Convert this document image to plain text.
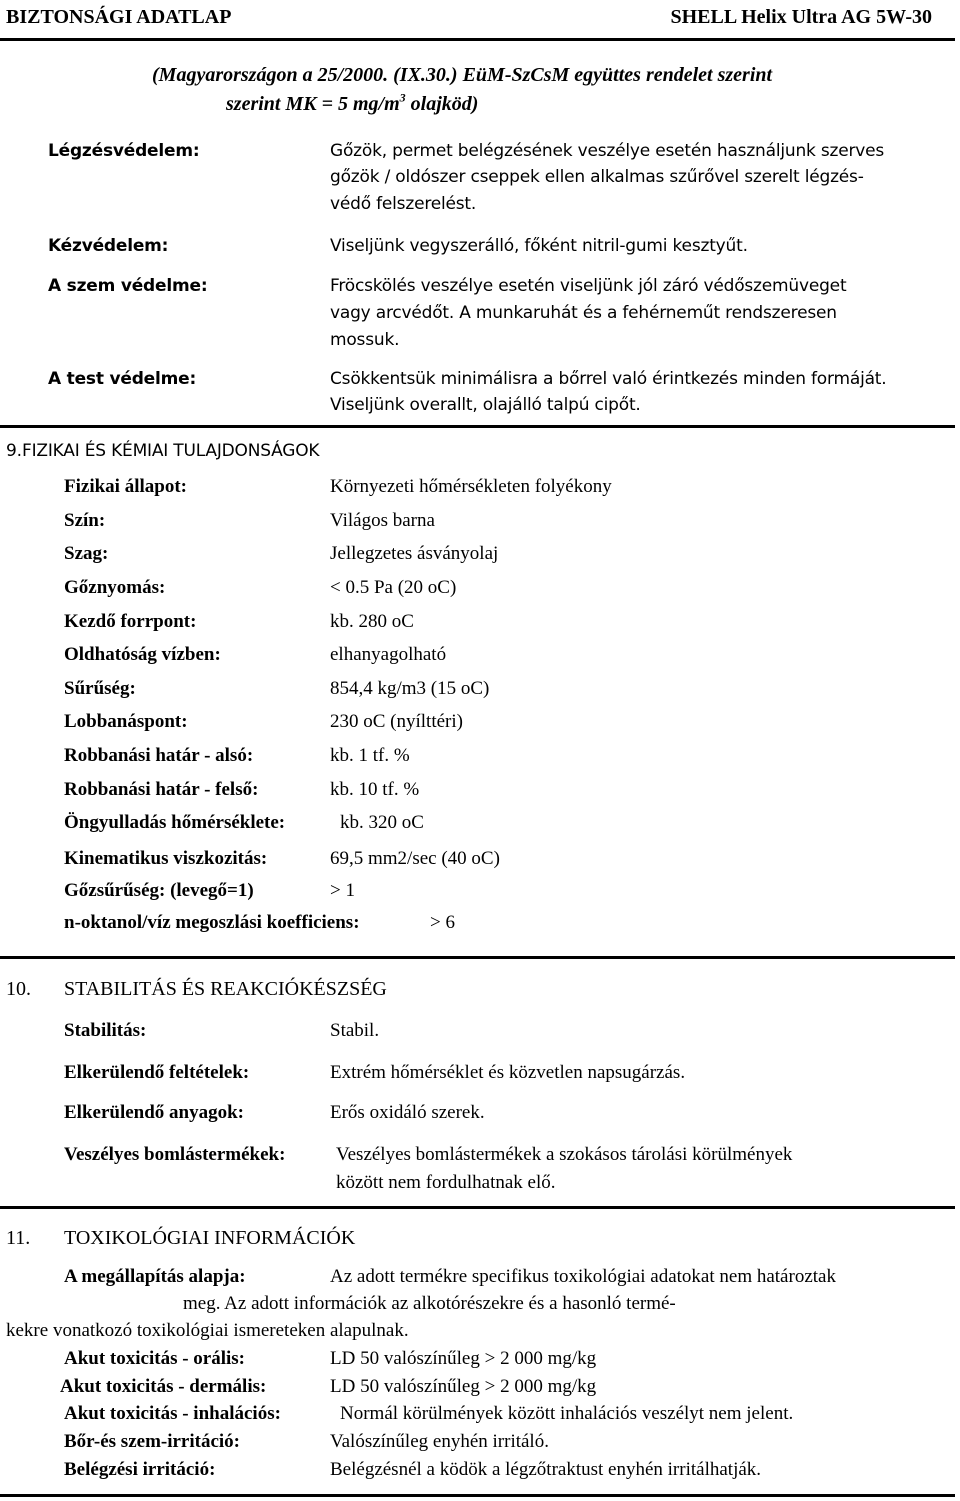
BIZTONSÁGI ADATLAP	SHELL Helix Ultra AG 5W-30
(Magyarországon a 25/2000. (IX.30.) EüM-SzCsM együttes rendelet szerint
szerint MK = 5 $mg/m^3$ olajköd)
Légzésvédelem:	Gőzök, permet belégzésének veszélye esetén használjunk szerves
gőzök / oldószer cseppek ellen alkalmas szűrővel szerelt légzés-
védő felszerelést.
Kézvédelem:	Viseljünk vegyszerálló, főként nitril-gumi kesztyűt.
A szem védelme:	Fröcskölés veszélye esetén viseljünk jól záró védőszemüveget
vagy arcvédőt. A munkaruhát és a fehérneműt rendszeresen
mossuk.
A test védelme:	Csökkentsük minimálisra a bőrrel való érintkezés minden formáját.
Viseljünk overallt, olajálló talpú cipőt.
9. FIZIKAI ÉS KÉMIAI TULAJDONSÁGOK
Fizikai állapot:	Környezeti hőmérsékleten folyékony
Szín:	Világos barna
Szag:	Jellegzetes ásványolaj
Gőznyomás:	< 0.5 Pa (20 oC)
Kezdő forrpont:	kb. 280 oC
Oldhatóság vízben:	elhanyagolható
Sűrűség:	854,4 kg/m3 (15 oC)
Lobbanáspont:	230 oC (nyílttéri)
Robbanási határ - alsó:	kb. 1 tf. %
Robbanási határ - felső:	kb. 10 tf. %
Öngyulladás hőmérséklete:	kb. 320 oC
Kinematikus viszkozitás:	69,5 mm2/sec (40 oC)
Gőzsűrűség: (levegő=1)	> 1
n-oktanol/víz megoszlási koefficiens:	> 6
10. STABILITÁS ÉS REAKCIÓKÉSZSÉG
Stabilitás:	Stabil.
Elkerülendő feltételek:	Extrém hőmérséklet és közvetlen napsugárzás.
Elkerülendő anyagok:	Erős oxidáló szerek.
Veszélyes bomlástermékek:	Veszélyes bomlástermékek a szokásos tárolási körülmények
között nem fordulhatnak elő.
11. TOXIKOLÓGIAI INFORMÁCIÓK
A megállapítás alapja:	Az adott termékre specifikus toxikológiai adatokat nem határoztak
meg. Az adott információk az alkotórészekre és a hasonló termé-
kekre vonatkozó toxikológiai ismereteken alapulnak.
Akut toxicitás - orális:	LD 50 valószínűleg > 2 000 mg/kg
Akut toxicitás - dermális:	LD 50 valószínűleg > 2 000 mg/kg
Akut toxicitás - inhalációs:	Normál körülmények között inhalációs veszélyt nem jelent.
Bőr-és szem-irritáció:	Valószínűleg enyhén irritáló.
Belégzési irritáció:	Belégzésnél a ködök a légzőtraktust enyhén irritálhatják.
